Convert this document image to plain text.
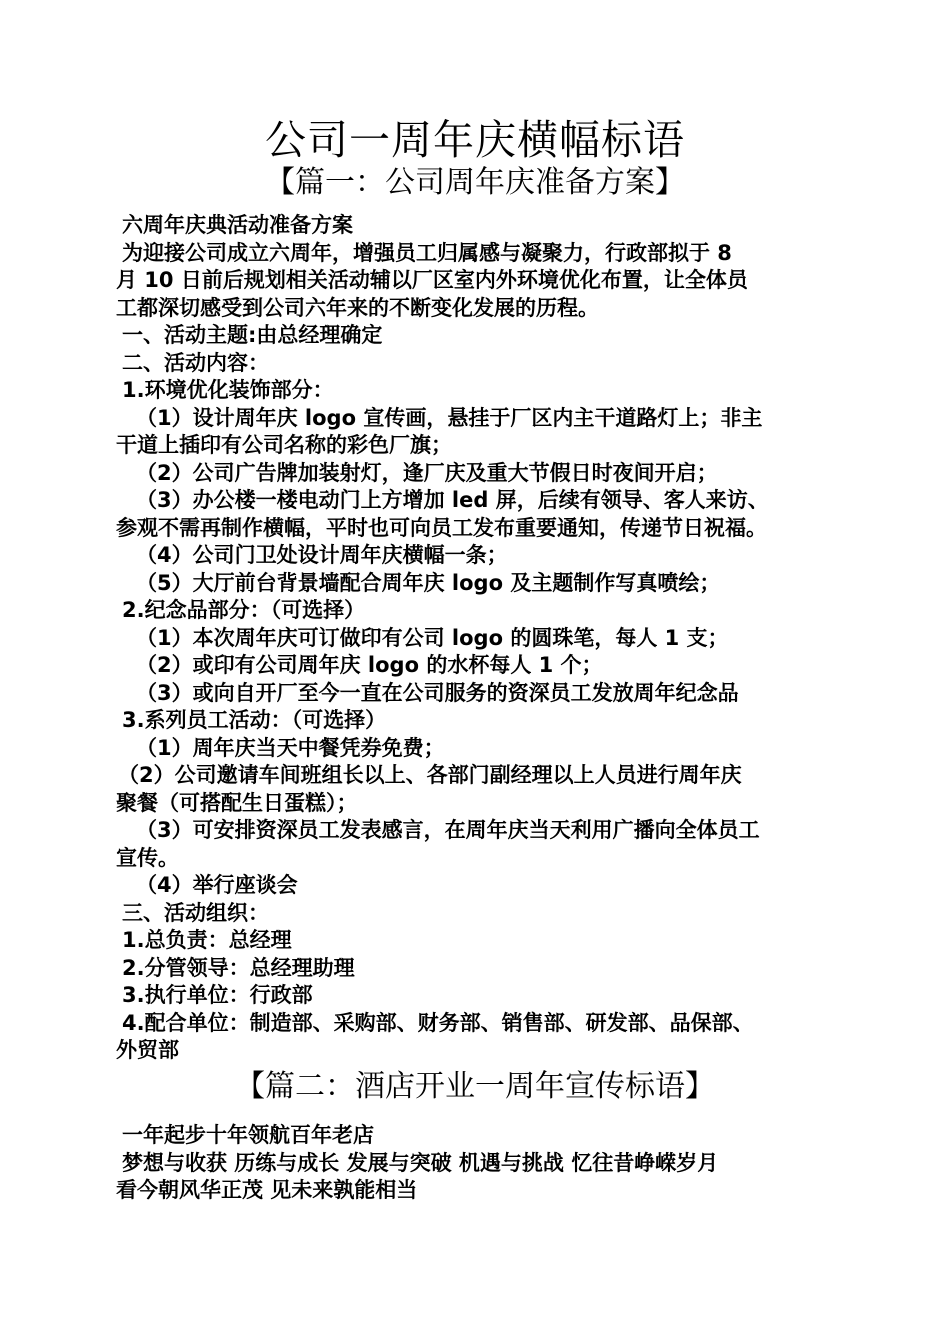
公司一周年庆横幅标语
【篇一：公司周年庆准备方案】
六周年庆典活动准备方案
为迎接公司成立六周年，增强员工归属感与凝聚力，行政部拟于 8
月 10 日前后规划相关活动辅以厂区室内外环境优化布置，让全体员
工都深切感受到公司六年来的不断变化发展的历程。
一、活动主题:由总经理确定
二、活动内容：
1.环境优化装饰部分：
（1）设计周年庆 logo 宣传画，悬挂于厂区内主干道路灯上；非主
干道上插印有公司名称的彩色厂旗；
（2）公司广告牌加装射灯，逢厂庆及重大节假日时夜间开启；
（3）办公楼一楼电动门上方增加 led 屏，后续有领导、客人来访、
参观不需再制作横幅，平时也可向员工发布重要通知，传递节日祝福。
（4）公司门卫处设计周年庆横幅一条；
（5）大厅前台背景墙配合周年庆 logo 及主题制作写真喷绘；
2.纪念品部分：（可选择）
（1）本次周年庆可订做印有公司 logo 的圆珠笔，每人 1 支；
（2）或印有公司周年庆 logo 的水杯每人 1 个；
（3）或向自开厂至今一直在公司服务的资深员工发放周年纪念品
3.系列员工活动：（可选择）
（1）周年庆当天中餐凭券免费；
（2）公司邀请车间班组长以上、各部门副经理以上人员进行周年庆
聚餐（可搭配生日蛋糕）；
（3）可安排资深员工发表感言，在周年庆当天利用广播向全体员工
宣传。
（4）举行座谈会
三、活动组织：
1.总负责：总经理
2.分管领导：总经理助理
3.执行单位：行政部
4.配合单位：制造部、采购部、财务部、销售部、研发部、品保部、
外贸部
【篇二：酒店开业一周年宣传标语】
一年起步十年领航百年老店
梦想与收获 历练与成长 发展与突破 机遇与挑战 忆往昔峥嵘岁月
看今朝风华正茂 见未来孰能相当
